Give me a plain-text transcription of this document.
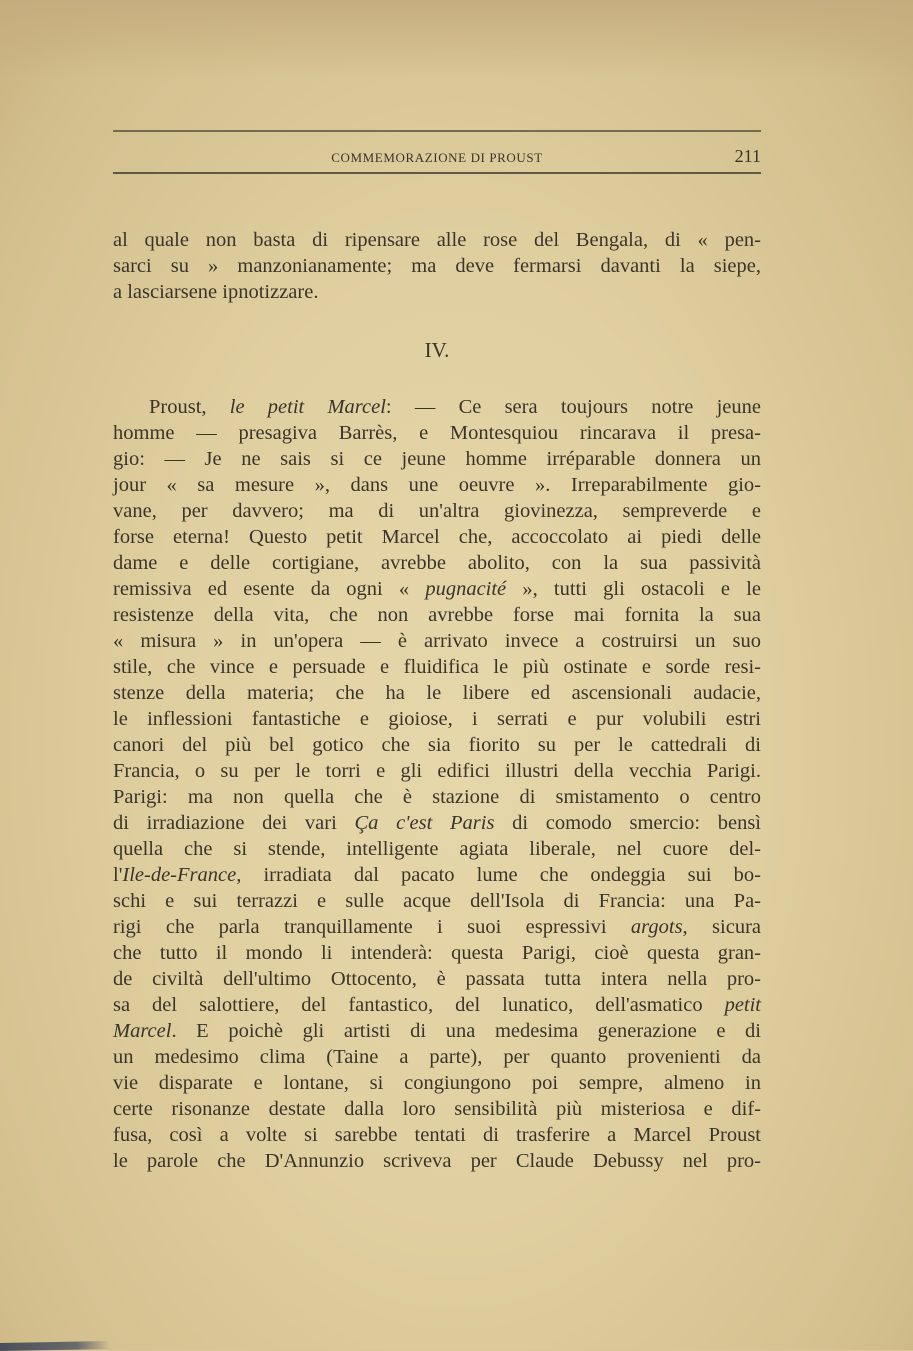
COMMEMORAZIONE DI PROUST	211
al quale non basta di ripensare alle rose del Bengala, di « pen-
sarci su » manzonianamente; ma deve fermarsi davanti la siepe,
a lasciarsene ipnotizzare.
IV.
Proust, le petit Marcel: — Ce sera toujours notre jeune
homme — presagiva Barrès, e Montesquiou rincarava il presa-
gio: — Je ne sais si ce jeune homme irréparable donnera un
jour « sa mesure », dans une oeuvre ». Irreparabilmente gio-
vane, per davvero; ma di un'altra giovinezza, sempreverde e
forse eterna! Questo petit Marcel che, accoccolato ai piedi delle
dame e delle cortigiane, avrebbe abolito, con la sua passività
remissiva ed esente da ogni « pugnacité », tutti gli ostacoli e le
resistenze della vita, che non avrebbe forse mai fornita la sua
« misura » in un'opera — è arrivato invece a costruirsi un suo
stile, che vince e persuade e fluidifica le più ostinate e sorde resi-
stenze della materia; che ha le libere ed ascensionali audacie,
le inflessioni fantastiche e gioiose, i serrati e pur volubili estri
canori del più bel gotico che sia fiorito su per le cattedrali di
Francia, o su per le torri e gli edifici illustri della vecchia Parigi.
Parigi: ma non quella che è stazione di smistamento o centro
di irradiazione dei vari Ça c'est Paris di comodo smercio: bensì
quella che si stende, intelligente agiata liberale, nel cuore del-
l'Ile-de-France, irradiata dal pacato lume che ondeggia sui bo-
schi e sui terrazzi e sulle acque dell'Isola di Francia: una Pa-
rigi che parla tranquillamente i suoi espressivi argots, sicura
che tutto il mondo li intenderà: questa Parigi, cioè questa gran-
de civiltà dell'ultimo Ottocento, è passata tutta intera nella pro-
sa del salottiere, del fantastico, del lunatico, dell'asmatico petit
Marcel. E poichè gli artisti di una medesima generazione e di
un medesimo clima (Taine a parte), per quanto provenienti da
vie disparate e lontane, si congiungono poi sempre, almeno in
certe risonanze destate dalla loro sensibilità più misteriosa e dif-
fusa, così a volte si sarebbe tentati di trasferire a Marcel Proust
le parole che D'Annunzio scriveva per Claude Debussy nel pro-
